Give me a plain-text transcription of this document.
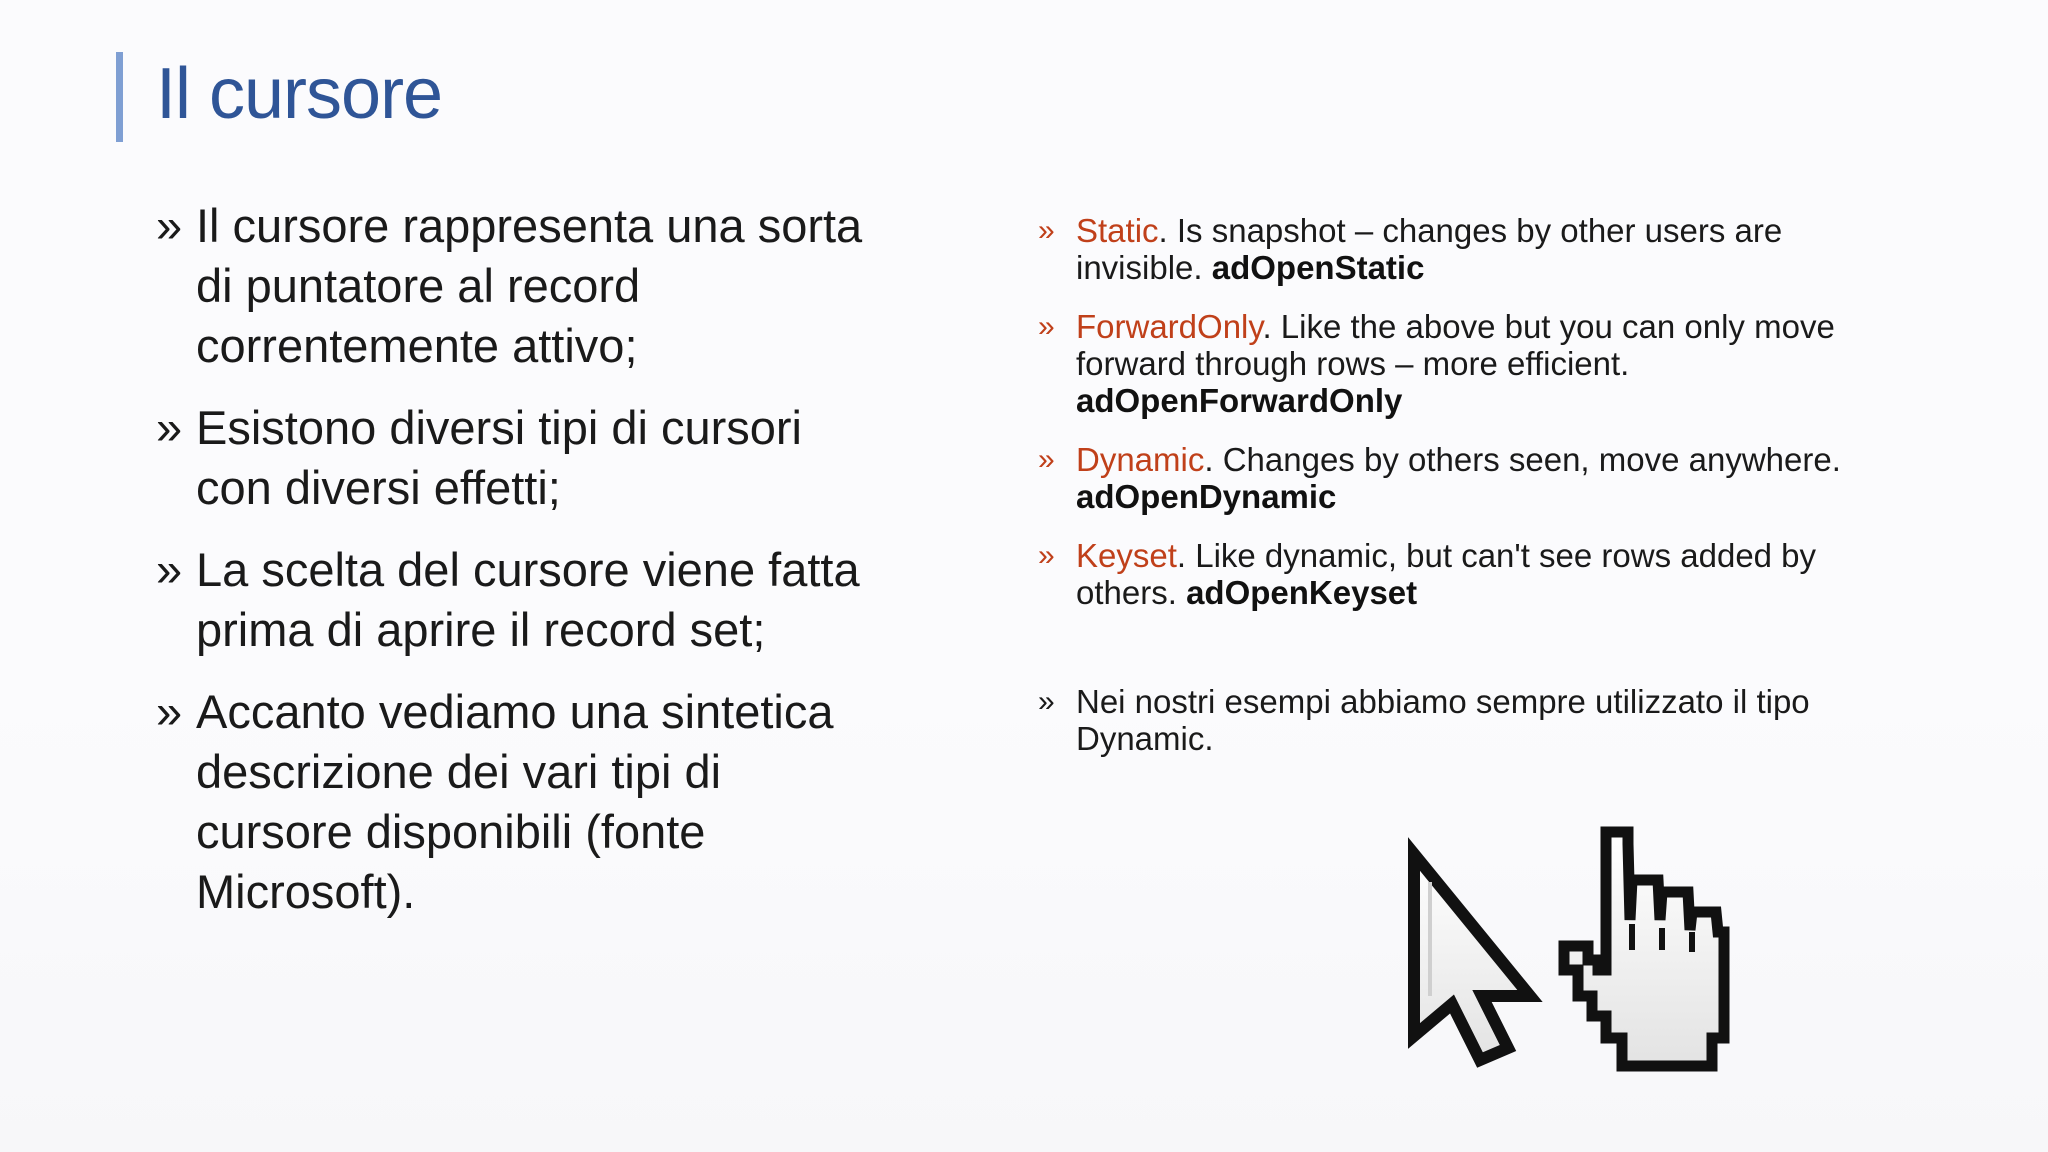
Il cursore
» Il cursore rappresenta una sorta di puntatore al record correntemente attivo;
» Esistono diversi tipi di cursori con diversi effetti;
» La scelta del cursore viene fatta prima di aprire il record set;
» Accanto vediamo una sintetica descrizione dei vari tipi di cursore disponibili (fonte Microsoft).
» Static. Is snapshot – changes by other users are invisible. adOpenStatic
» ForwardOnly. Like the above but you can only move forward through rows – more efficient. adOpenForwardOnly
» Dynamic. Changes by others seen, move anywhere. adOpenDynamic
» Keyset. Like dynamic, but can't see rows added by others. adOpenKeyset
» Nei nostri esempi abbiamo sempre utilizzato il tipo Dynamic.
